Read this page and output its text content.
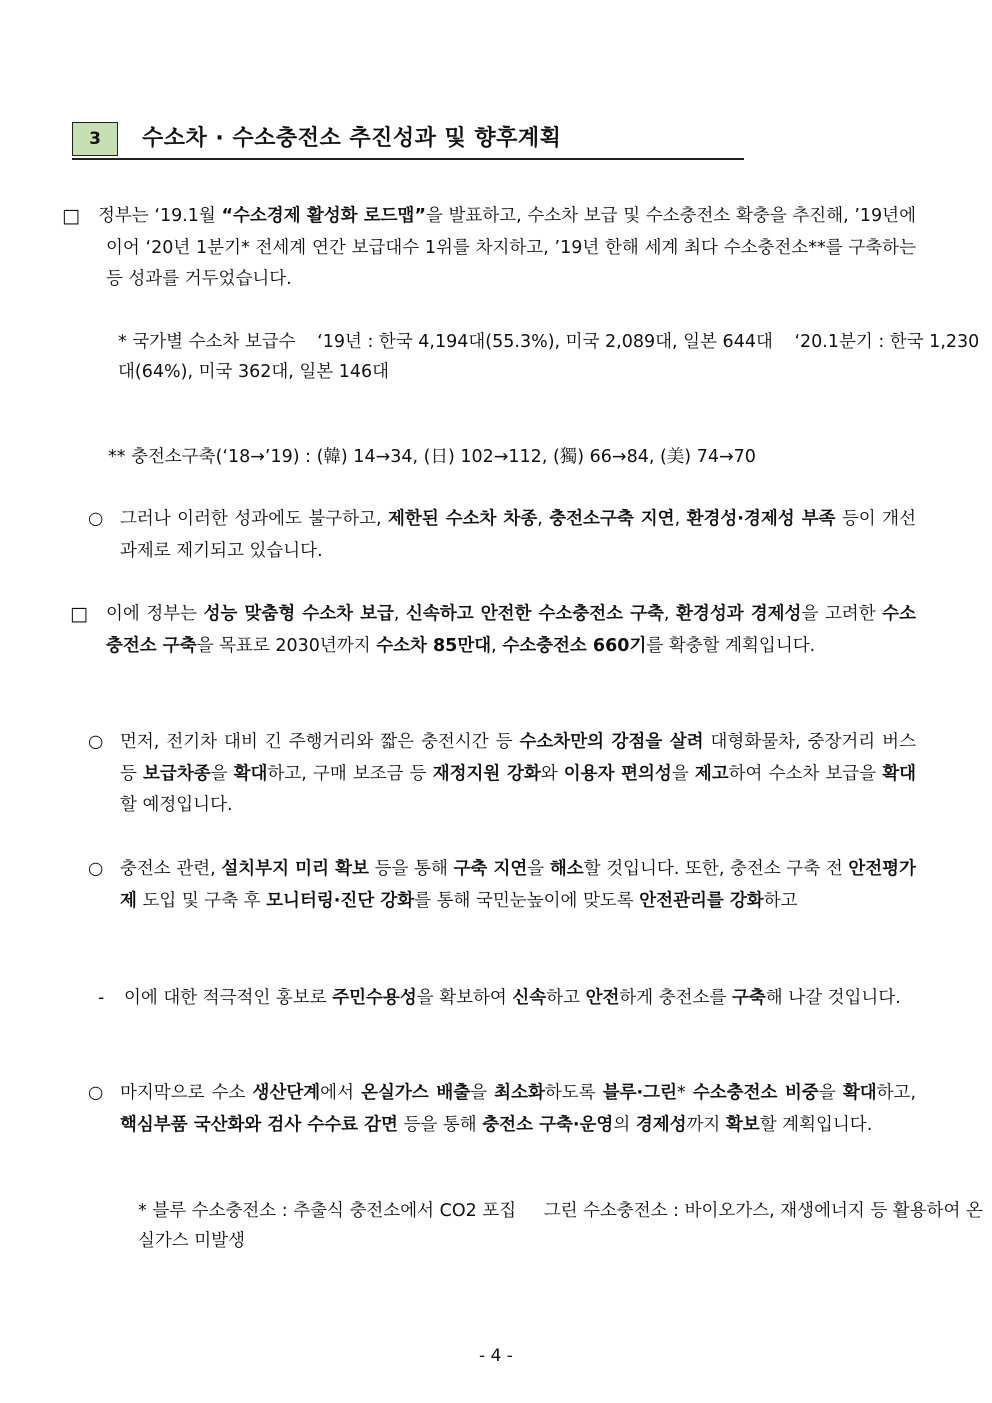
3	수소차 · 수소충전소 추진성과 및 향후계획
□ 정부는 ‘19.1월 “수소경제 활성화 로드맵”을 발표하고, 수소차 보급 및 수소충전소 확충을 추진해, ’19년에 이어 ‘20년 1분기* 전세계 연간 보급대수 1위를 차지하고, ’19년 한해 세계 최다 수소충전소**를 구축하는 등 성과를 거두었습니다.
* 국가별 수소차 보급수 ‘19년 : 한국 4,194대(55.3%), 미국 2,089대, 일본 644대 ‘20.1분기 : 한국 1,230대(64%), 미국 362대, 일본 146대
** 충전소구축(‘18→’19) : (韓) 14→34, (日) 102→112, (獨) 66→84, (美) 74→70
○ 그러나 이러한 성과에도 불구하고, 제한된 수소차 차종, 충전소구축 지연, 환경성·경제성 부족 등이 개선과제로 제기되고 있습니다.
□ 이에 정부는 성능 맞춤형 수소차 보급, 신속하고 안전한 수소충전소 구축, 환경성과 경제성을 고려한 수소충전소 구축을 목표로 2030년까지 수소차 85만대, 수소충전소 660기를 확충할 계획입니다.
○ 먼저, 전기차 대비 긴 주행거리와 짧은 충전시간 등 수소차만의 강점을 살려 대형화물차, 중장거리 버스 등 보급차종을 확대하고, 구매 보조금 등 재정지원 강화와 이용자 편의성을 제고하여 수소차 보급을 확대할 예정입니다.
○ 충전소 관련, 설치부지 미리 확보 등을 통해 구축 지연을 해소할 것입니다. 또한, 충전소 구축 전 안전평가제 도입 및 구축 후 모니터링·진단 강화를 통해 국민눈높이에 맞도록 안전관리를 강화하고
- 이에 대한 적극적인 홍보로 주민수용성을 확보하여 신속하고 안전하게 충전소를 구축해 나갈 것입니다.
○ 마지막으로 수소 생산단계에서 온실가스 배출을 최소화하도록 블루·그린* 수소충전소 비중을 확대하고, 핵심부품 국산화와 검사 수수료 감면 등을 통해 충전소 구축·운영의 경제성까지 확보할 계획입니다.
* 블루 수소충전소 : 추출식 충전소에서 CO2 포집 그린 수소충전소 : 바이오가스, 재생에너지 등 활용하여 온실가스 미발생
- 4 -
